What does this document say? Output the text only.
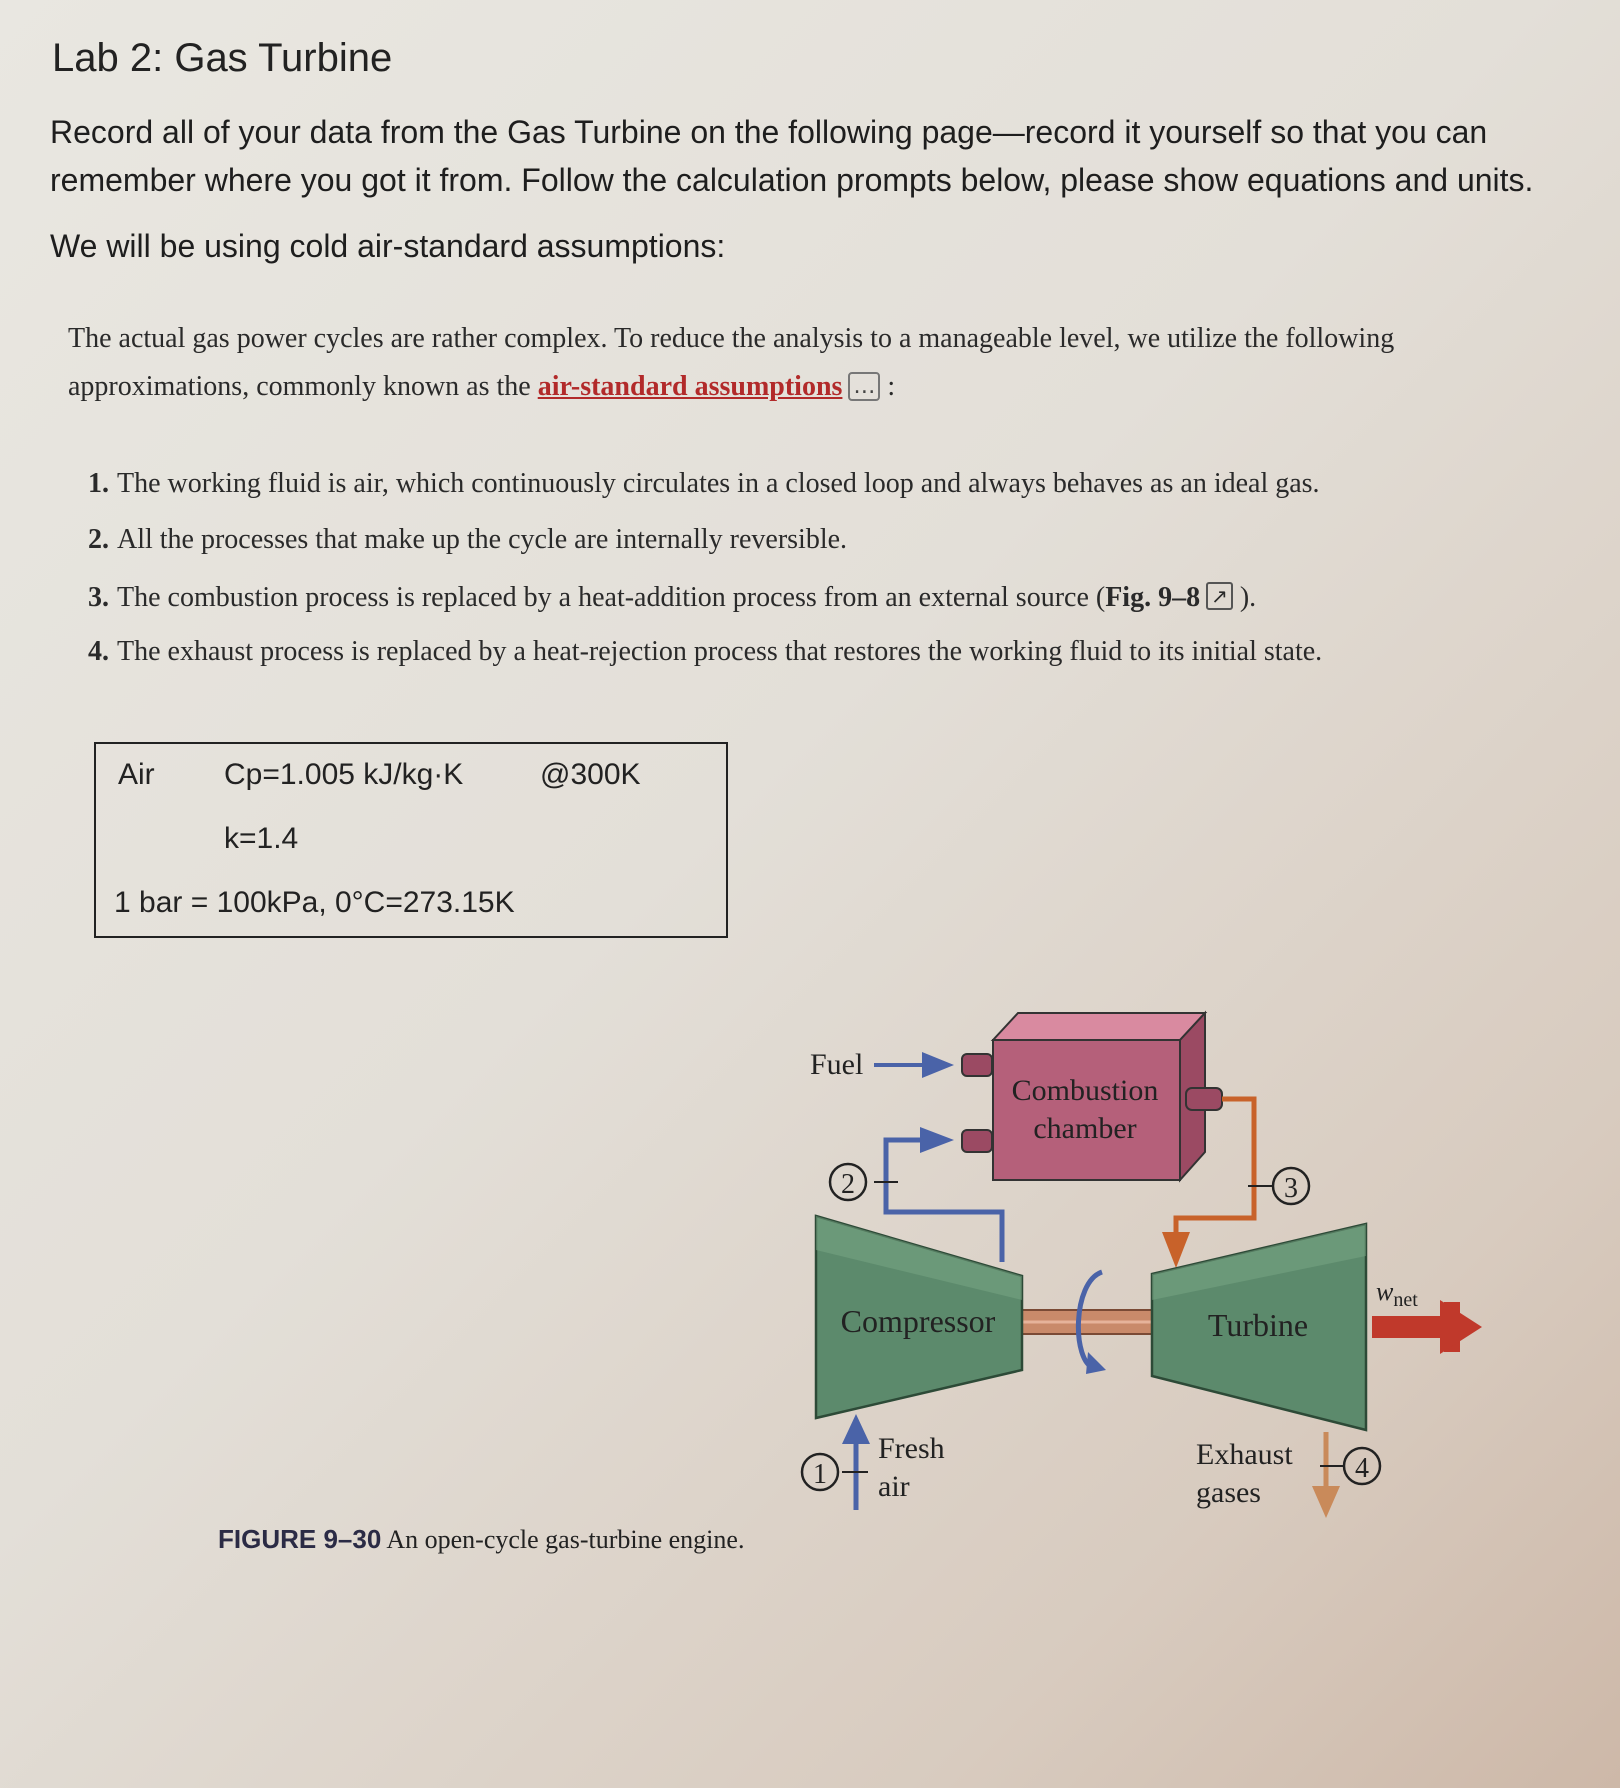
Lab 2: Gas Turbine
Record all of your data from the Gas Turbine on the following page—record it yourself so that you can
remember where you got it from. Follow the calculation prompts below, please show equations and units.
We will be using cold air-standard assumptions:
The actual gas power cycles are rather complex. To reduce the analysis to a manageable level, we utilize the following
approximations, commonly known as the air-standard assumptions … :
1. The working fluid is air, which continuously circulates in a closed loop and always behaves as an ideal gas.
2. All the processes that make up the cycle are internally reversible.
3. The combustion process is replaced by a heat-addition process from an external source (Fig. 9–8 ↗ ).
4. The exhaust process is replaced by a heat-rejection process that restores the working fluid to its initial state.
Air Cp=1.005 kJ/kg·K	@300K
k=1.4
1 bar = 100kPa, 0°C=273.15K
Combustion
chamber
Fuel
2	3
Compressor	Turbine
$w_{net}$
1
Fresh
air
4
Exhaust
gases
FIGURE 9–30 An open-cycle gas-turbine engine.
